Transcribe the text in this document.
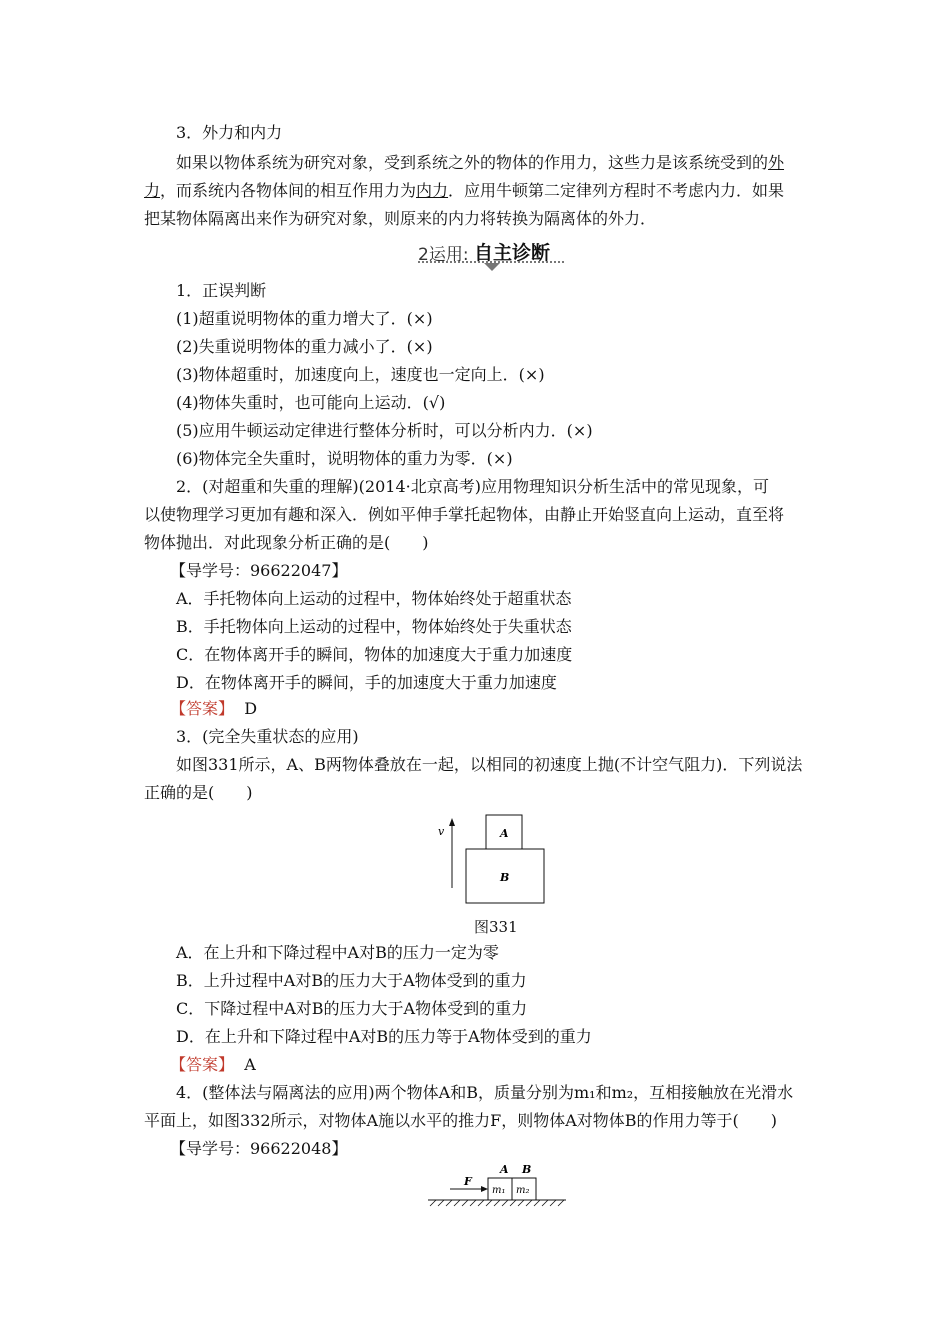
3．外力和内力
如果以物体系统为研究对象，受到系统之外的物体的作用力，这些力是该系统受到的外
力，而系统内各物体间的相互作用力为内力．应用牛顿第二定律列方程时不考虑内力．如果
把某物体隔离出来作为研究对象，则原来的内力将转换为隔离体的外力．
2运用: 自主诊断
1．正误判断
(1)超重说明物体的重力增大了．(×)
(2)失重说明物体的重力减小了．(×)
(3)物体超重时，加速度向上，速度也一定向上．(×)
(4)物体失重时，也可能向上运动．(√)
(5)应用牛顿运动定律进行整体分析时，可以分析内力．(×)
(6)物体完全失重时，说明物体的重力为零．(×)
2．(对超重和失重的理解)(2014·北京高考)应用物理知识分析生活中的常见现象，可
以使物理学习更加有趣和深入．例如平伸手掌托起物体，由静止开始竖直向上运动，直至将
物体抛出．对此现象分析正确的是(　　)
【导学号：96622047】
A．手托物体向上运动的过程中，物体始终处于超重状态
B．手托物体向上运动的过程中，物体始终处于失重状态
C．在物体离开手的瞬间，物体的加速度大于重力加速度
D．在物体离开手的瞬间，手的加速度大于重力加速度
【答案】 D
3．(完全失重状态的应用)
如图331所示，A、B两物体叠放在一起，以相同的初速度上抛(不计空气阻力)．下列说法
正确的是(　　)
v	A
B
图331
A．在上升和下降过程中A对B的压力一定为零
B．上升过程中A对B的压力大于A物体受到的重力
C．下降过程中A对B的压力大于A物体受到的重力
D．在上升和下降过程中A对B的压力等于A物体受到的重力
【答案】 A
4．(整体法与隔离法的应用)两个物体A和B，质量分别为m₁和m₂，互相接触放在光滑水
平面上，如图332所示，对物体A施以水平的推力F，则物体A对物体B的作用力等于(　　)
【导学号：96622048】
F
A B
m₁ m₂
